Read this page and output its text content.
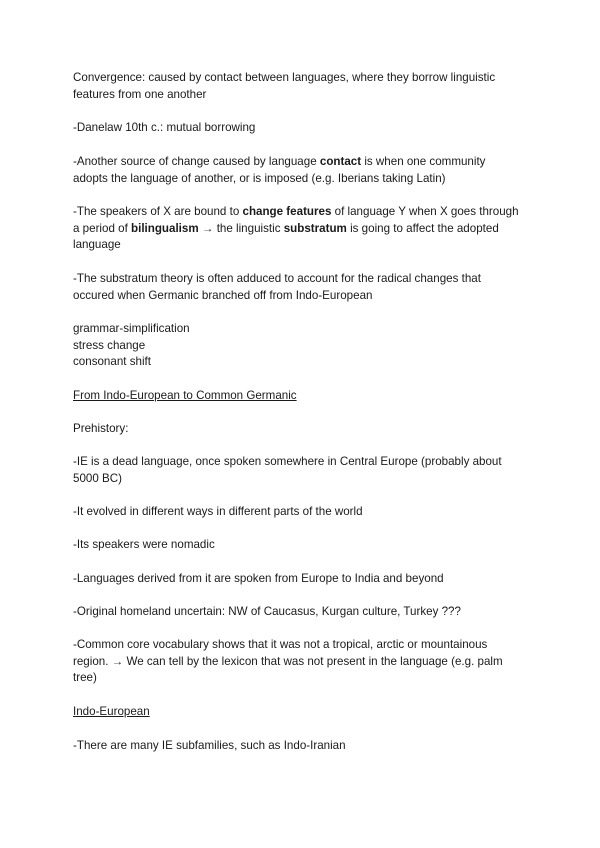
Convergence: caused by contact between languages, where they borrow linguistic features from one another

-Danelaw 10th c.: mutual borrowing

-Another source of change caused by language contact is when one community adopts the language of another, or is imposed (e.g. Iberians taking Latin)

-The speakers of X are bound to change features of language Y when X goes through a period of bilingualism → the linguistic substratum is going to affect the adopted language

-The substratum theory is often adduced to account for the radical changes that occured when Germanic branched off from Indo-European

grammar-simplification
stress change
consonant shift

From Indo-European to Common Germanic

Prehistory:

-IE is a dead language, once spoken somewhere in Central Europe (probably about 5000 BC)

-It evolved in different ways in different parts of the world

-Its speakers were nomadic

-Languages derived from it are spoken from Europe to India and beyond

-Original homeland uncertain: NW of Caucasus, Kurgan culture, Turkey ???

-Common core vocabulary shows that it was not a tropical, arctic or mountainous region. → We can tell by the lexicon that was not present in the language (e.g. palm tree)

Indo-European

-There are many IE subfamilies, such as Indo-Iranian
